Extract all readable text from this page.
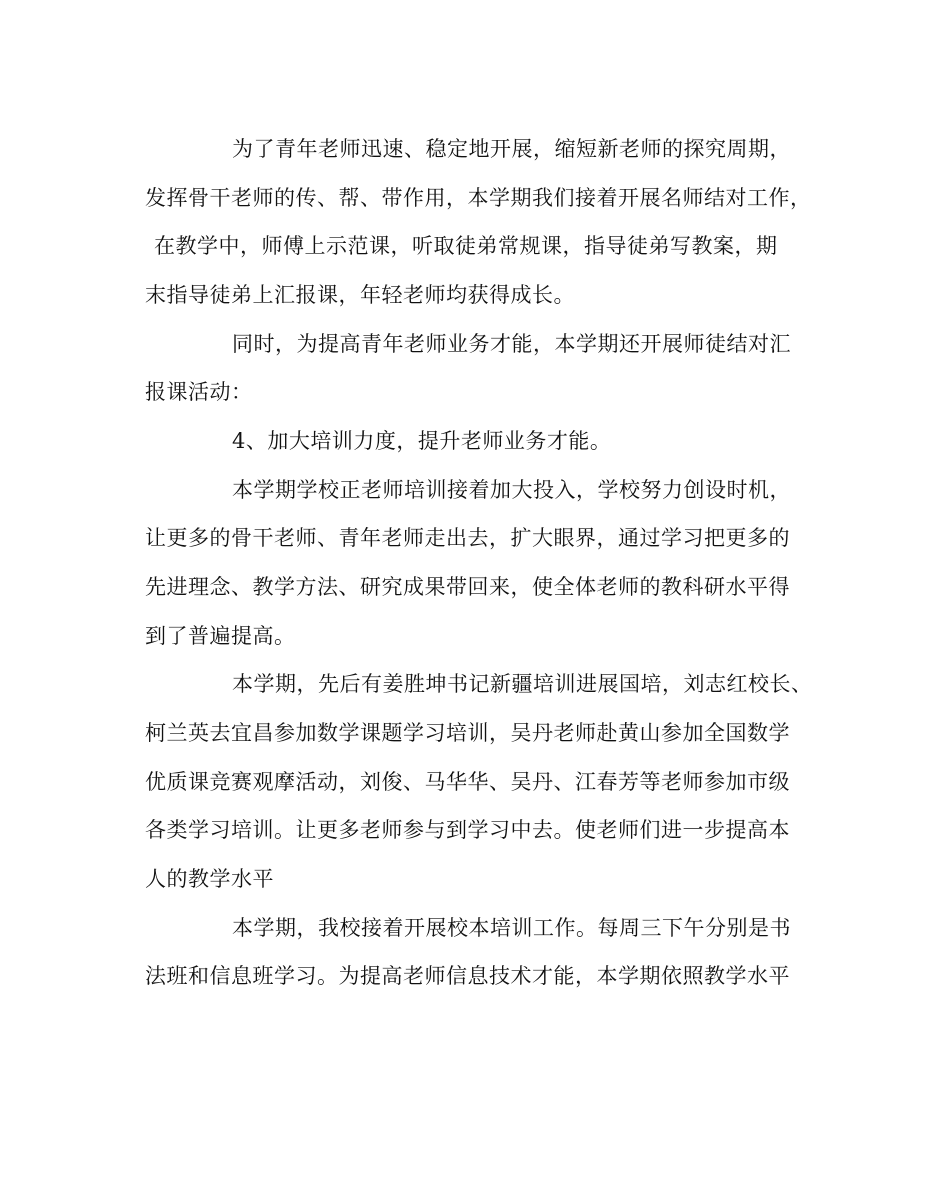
为了青年老师迅速、稳定地开展，缩短新老师的探究周期，
发挥骨干老师的传、帮、带作用，本学期我们接着开展名师结对工作，
在教学中，师傅上示范课，听取徒弟常规课，指导徒弟写教案，期
末指导徒弟上汇报课，年轻老师均获得成长。
同时，为提高青年老师业务才能，本学期还开展师徒结对汇
报课活动：
4、加大培训力度，提升老师业务才能。
本学期学校正老师培训接着加大投入，学校努力创设时机，
让更多的骨干老师、青年老师走出去，扩大眼界，通过学习把更多的
先进理念、教学方法、研究成果带回来，使全体老师的教科研水平得
到了普遍提高。
本学期，先后有姜胜坤书记新疆培训进展国培，刘志红校长、
柯兰英去宜昌参加数学课题学习培训，吴丹老师赴黄山参加全国数学
优质课竞赛观摩活动，刘俊、马华华、吴丹、江春芳等老师参加市级
各类学习培训。让更多老师参与到学习中去。使老师们进一步提高本
人的教学水平
本学期，我校接着开展校本培训工作。每周三下午分别是书
法班和信息班学习。为提高老师信息技术才能，本学期依照教学水平
